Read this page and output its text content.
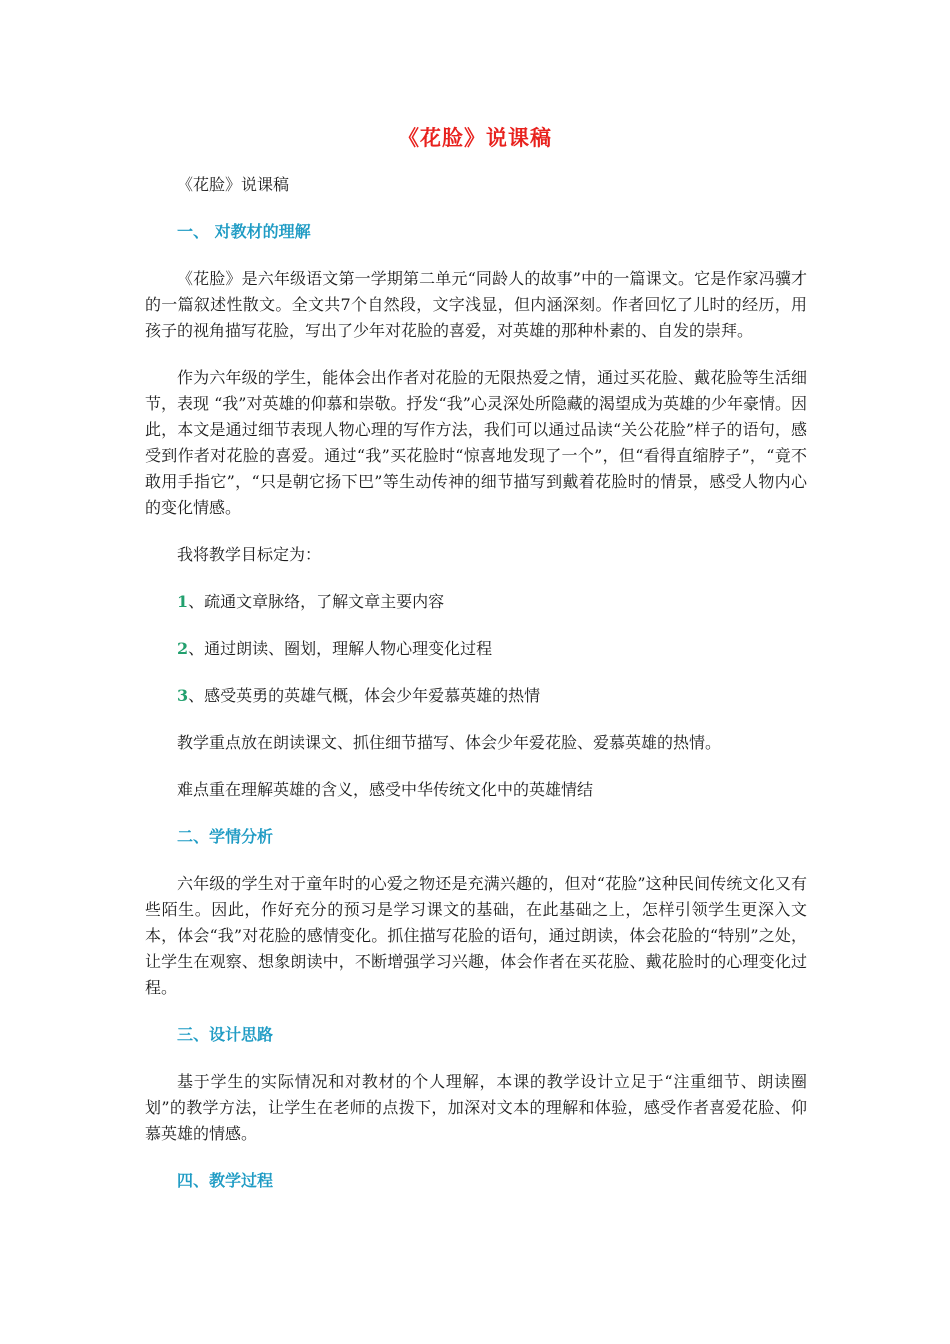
《花脸》说课稿

《花脸》说课稿

一、 对教材的理解

《花脸》是六年级语文第一学期第二单元“同龄人的故事”中的一篇课文。它是作家冯骥才的一篇叙述性散文。全文共7个自然段，文字浅显，但内涵深刻。作者回忆了儿时的经历，用孩子的视角描写花脸，写出了少年对花脸的喜爱，对英雄的那种朴素的、自发的崇拜。

作为六年级的学生，能体会出作者对花脸的无限热爱之情，通过买花脸、戴花脸等生活细节，表现 “我”对英雄的仰慕和崇敬。抒发“我”心灵深处所隐藏的渴望成为英雄的少年豪情。因此，本文是通过细节表现人物心理的写作方法，我们可以通过品读“关公花脸”样子的语句，感受到作者对花脸的喜爱。通过“我”买花脸时“惊喜地发现了一个”，但“看得直缩脖子”，“竟不敢用手指它”，“只是朝它扬下巴”等生动传神的细节描写到戴着花脸时的情景，感受人物内心的变化情感。

我将教学目标定为：

1、疏通文章脉络，了解文章主要内容

2、通过朗读、圈划，理解人物心理变化过程

3、感受英勇的英雄气概，体会少年爱慕英雄的热情

教学重点放在朗读课文、抓住细节描写、体会少年爱花脸、爱慕英雄的热情。

难点重在理解英雄的含义，感受中华传统文化中的英雄情结

二、学情分析

六年级的学生对于童年时的心爱之物还是充满兴趣的，但对“花脸”这种民间传统文化又有些陌生。因此，作好充分的预习是学习课文的基础，在此基础之上，怎样引领学生更深入文本，体会“我”对花脸的感情变化。抓住描写花脸的语句，通过朗读，体会花脸的“特别”之处，让学生在观察、想象朗读中，不断增强学习兴趣，体会作者在买花脸、戴花脸时的心理变化过程。

三、设计思路

基于学生的实际情况和对教材的个人理解，本课的教学设计立足于“注重细节、朗读圈划”的教学方法，让学生在老师的点拨下，加深对文本的理解和体验，感受作者喜爱花脸、仰慕英雄的情感。

四、教学过程
